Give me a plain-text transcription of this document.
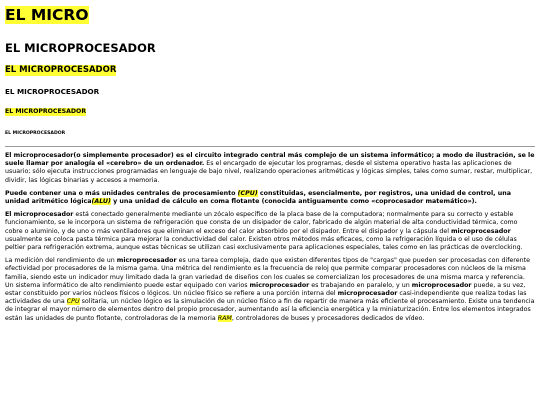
EL MICRO
EL MICROPROCESADOR
EL MICROPROCESADOR
EL MICROPROCESADOR
EL MICROPROCESADOR
EL MICROPROCESADOR

El microprocesador(o simplemente procesador) es el circuito integrado central más complejo de un sistema informático; a modo de ilustración, se le suele llamar por analogía el «cerebro» de un ordenador. Es el encargado de ejecutar los programas, desde el sistema operativo hasta las aplicaciones de usuario; sólo ejecuta instrucciones programadas en lenguaje de bajo nivel, realizando operaciones aritméticas y lógicas simples, tales como sumar, restar, multiplicar, dividir, las lógicas binarias y accesos a memoria.

Puede contener una o más unidades centrales de procesamiento (CPU) constituidas, esencialmente, por registros, una unidad de control, una unidad aritmético lógica(ALU) y una unidad de cálculo en coma flotante (conocida antiguamente como «coprocesador matemático»).

El microprocesador está conectado generalmente mediante un zócalo específico de la placa base de la computadora; normalmente para su correcto y estable funcionamiento, se le incorpora un sistema de refrigeración que consta de un disipador de calor, fabricado de algún material de alta conductividad térmica, como cobre o aluminio, y de uno o más ventiladores que eliminan el exceso del calor absorbido por el disipador. Entre el disipador y la cápsula del microprocesador usualmente se coloca pasta térmica para mejorar la conductividad del calor. Existen otros métodos más eficaces, como la refrigeración líquida o el uso de células peltier para refrigeración extrema, aunque estas técnicas se utilizan casi exclusivamente para aplicaciones especiales, tales como en las prácticas de overclocking.

La medición del rendimiento de un microprocesador es una tarea compleja, dado que existen diferentes tipos de "cargas" que pueden ser procesadas con diferente efectividad por procesadores de la misma gama. Una métrica del rendimiento es la frecuencia de reloj que permite comparar procesadores con núcleos de la misma familia, siendo este un indicador muy limitado dada la gran variedad de diseños con los cuales se comercializan los procesadores de una misma marca y referencia. Un sistema informático de alto rendimiento puede estar equipado con varios microprocesador es trabajando en paralelo, y un microprocesador puede, a su vez, estar constituido por varios núcleos físicos o lógicos. Un núcleo físico se refiere a una porción interna del microprocesador casi-independiente que realiza todas las actividades de una CPU solitaria, un núcleo lógico es la simulación de un núcleo físico a fin de repartir de manera más eficiente el procesamiento. Existe una tendencia de integrar el mayor número de elementos dentro del propio procesador, aumentando así la eficiencia energética y la miniaturización. Entre los elementos integrados están las unidades de punto flotante, controladoras de la memoria RAM, controladores de buses y procesadores dedicados de vídeo.
